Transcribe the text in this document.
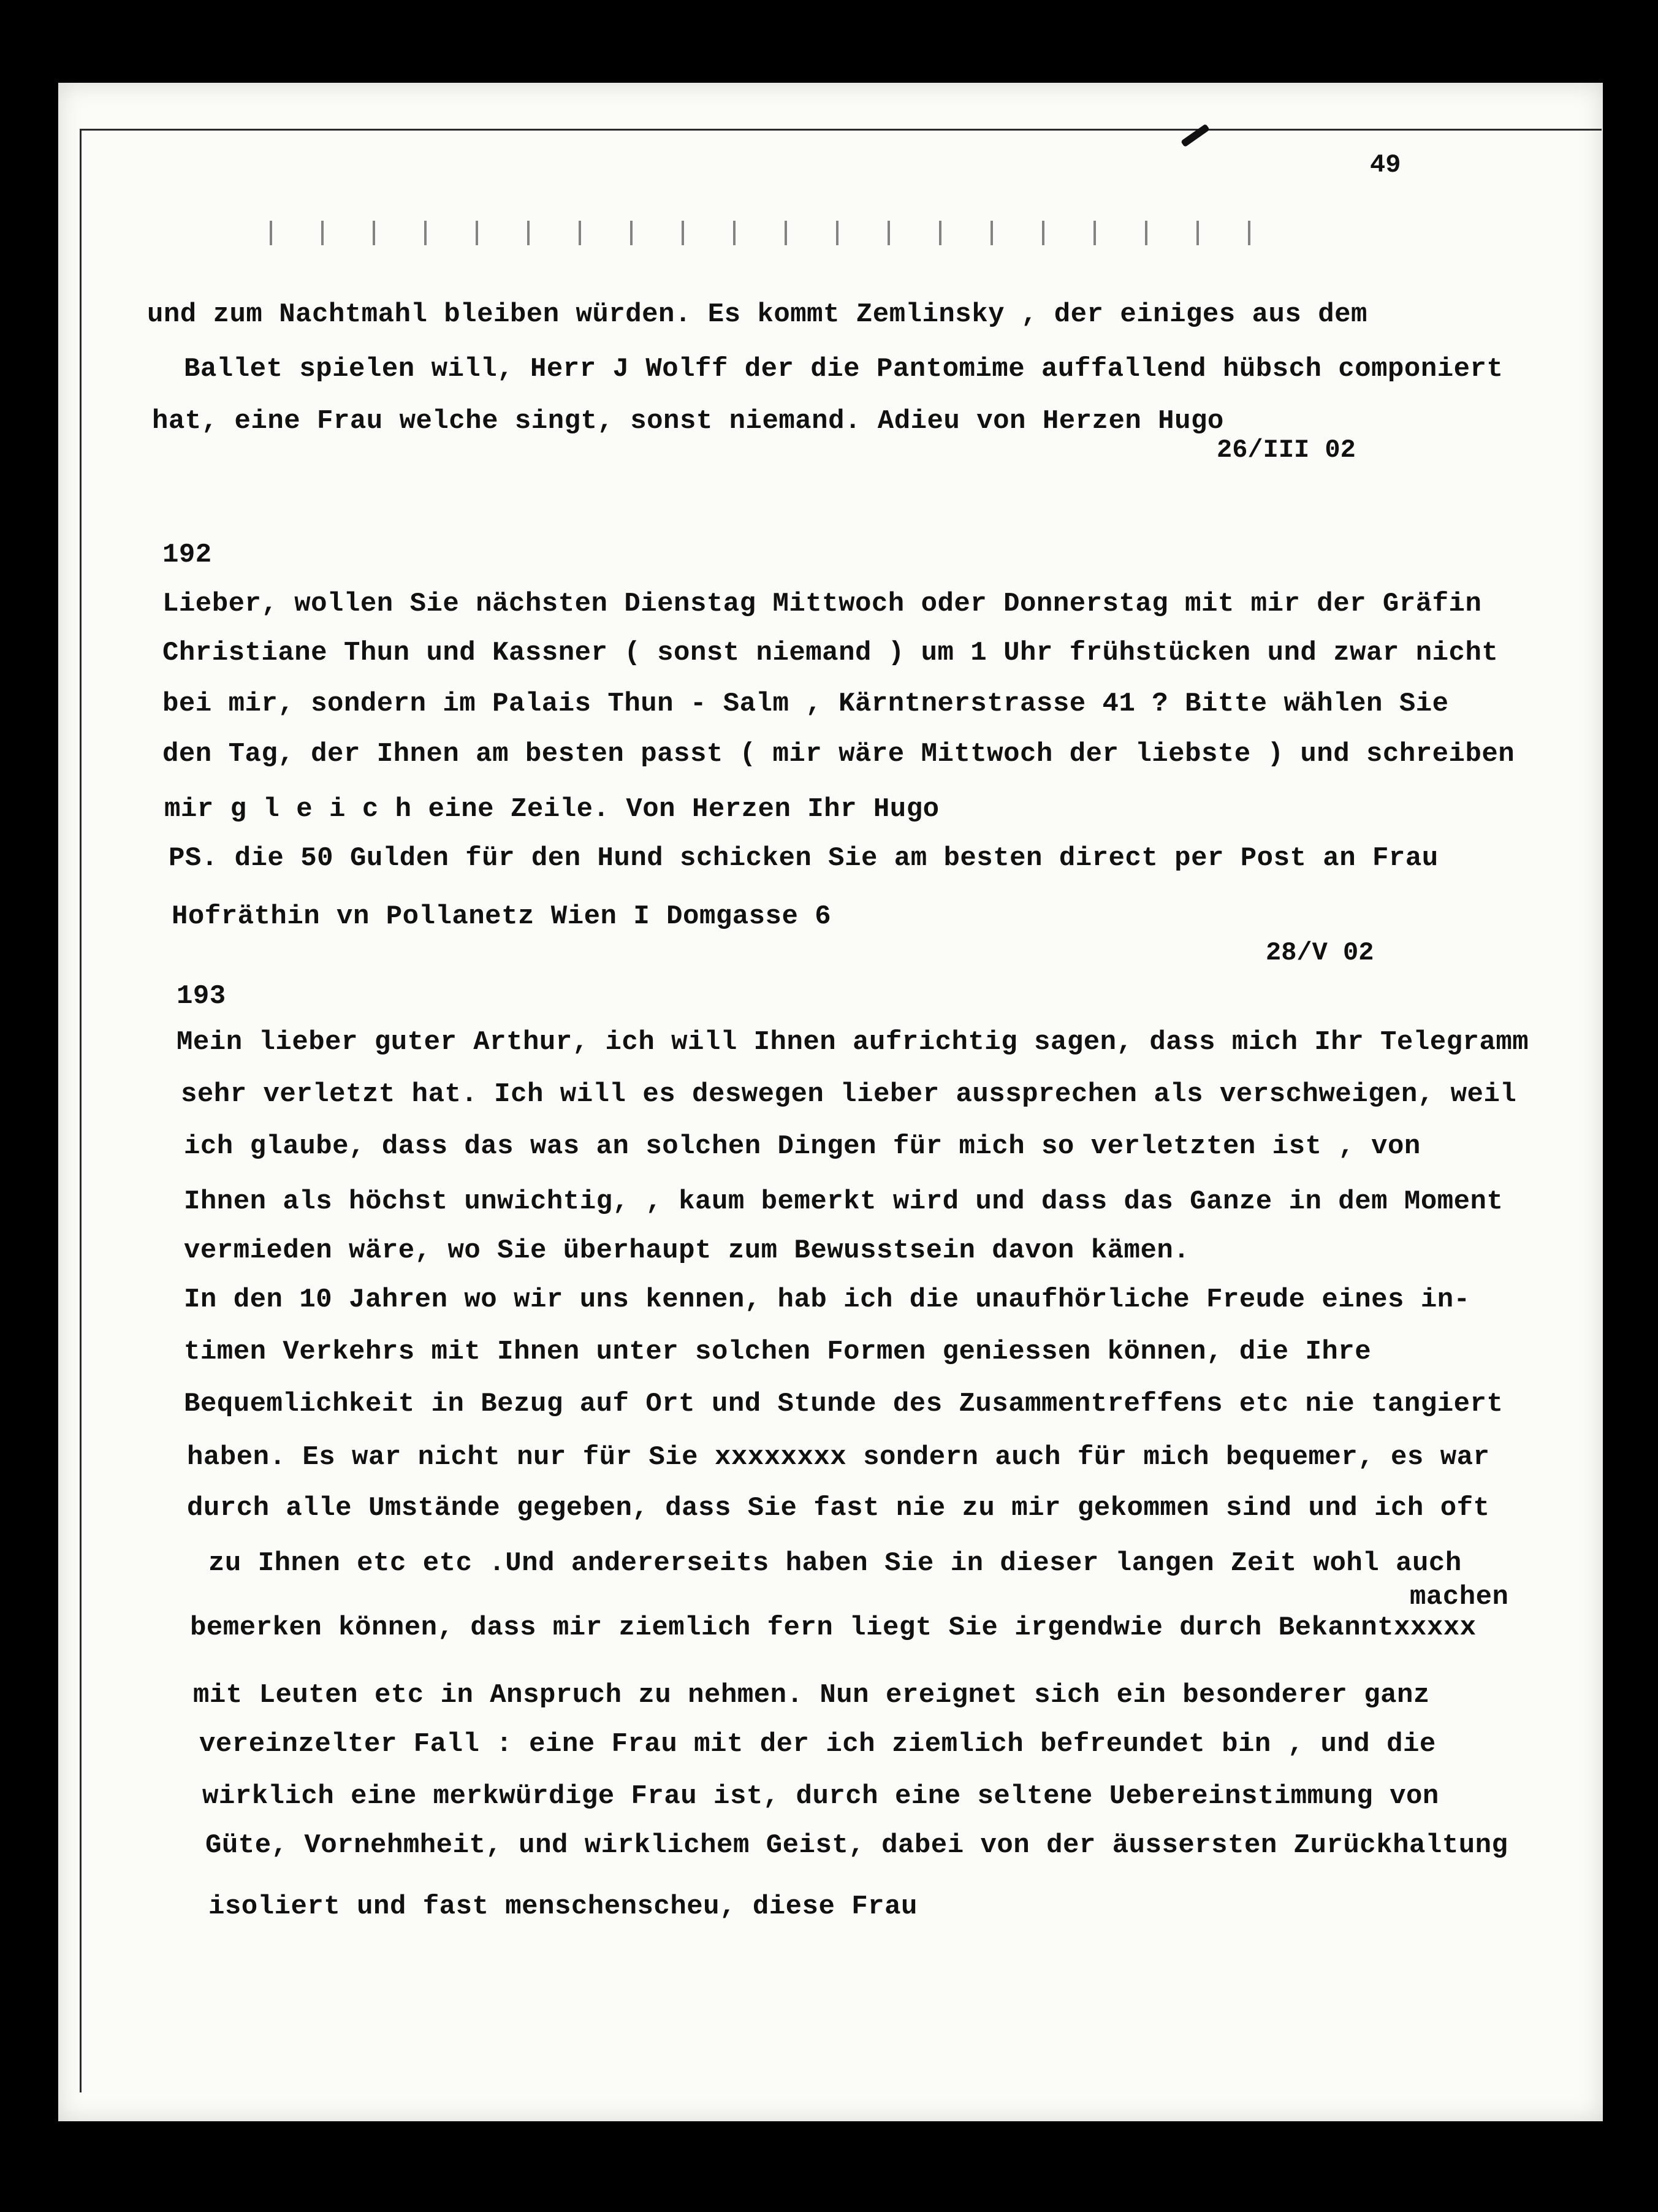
49
und zum Nachtmahl bleiben würden. Es kommt Zemlinsky , der einiges aus dem
Ballet spielen will, Herr J Wolff der die Pantomime auffallend hübsch componiert
hat, eine Frau welche singt, sonst niemand. Adieu von Herzen Hugo
26/III 02
192
Lieber, wollen Sie nächsten Dienstag Mittwoch oder Donnerstag mit mir der Gräfin
Christiane Thun und Kassner ( sonst niemand ) um 1 Uhr frühstücken und zwar nicht
bei mir, sondern im Palais Thun - Salm , Kärntnerstrasse 41 ? Bitte wählen Sie
den Tag, der Ihnen am besten passt ( mir wäre Mittwoch der liebste ) und schreiben
mir g l e i c h eine Zeile. Von Herzen Ihr Hugo
PS. die 50 Gulden für den Hund schicken Sie am besten direct per Post an Frau
Hofräthin vn Pollanetz Wien I Domgasse 6
28/V 02
193
Mein lieber guter Arthur, ich will Ihnen aufrichtig sagen, dass mich Ihr Telegramm
sehr verletzt hat. Ich will es deswegen lieber aussprechen als verschweigen, weil
ich glaube, dass das was an solchen Dingen für mich so verletzten ist , von
Ihnen als höchst unwichtig, , kaum bemerkt wird und dass das Ganze in dem Moment
vermieden wäre, wo Sie überhaupt zum Bewusstsein davon kämen.
In den 10 Jahren wo wir uns kennen, hab ich die unaufhörliche Freude eines in-
timen Verkehrs mit Ihnen unter solchen Formen geniessen können, die Ihre
Bequemlichkeit in Bezug auf Ort und Stunde des Zusammentreffens etc nie tangiert
haben. Es war nicht nur für Sie xxxxxxxx sondern auch für mich bequemer, es war
durch alle Umstände gegeben, dass Sie fast nie zu mir gekommen sind und ich oft
zu Ihnen etc etc .Und andererseits haben Sie in dieser langen Zeit wohl auch
machen
bemerken können, dass mir ziemlich fern liegt Sie irgendwie durch Bekanntxxxxx
mit Leuten etc in Anspruch zu nehmen. Nun ereignet sich ein besonderer ganz
vereinzelter Fall : eine Frau mit der ich ziemlich befreundet bin , und die
wirklich eine merkwürdige Frau ist, durch eine seltene Uebereinstimmung von
Güte, Vornehmheit, und wirklichem Geist, dabei von der äussersten Zurückhaltung
isoliert und fast menschenscheu, diese Frau
